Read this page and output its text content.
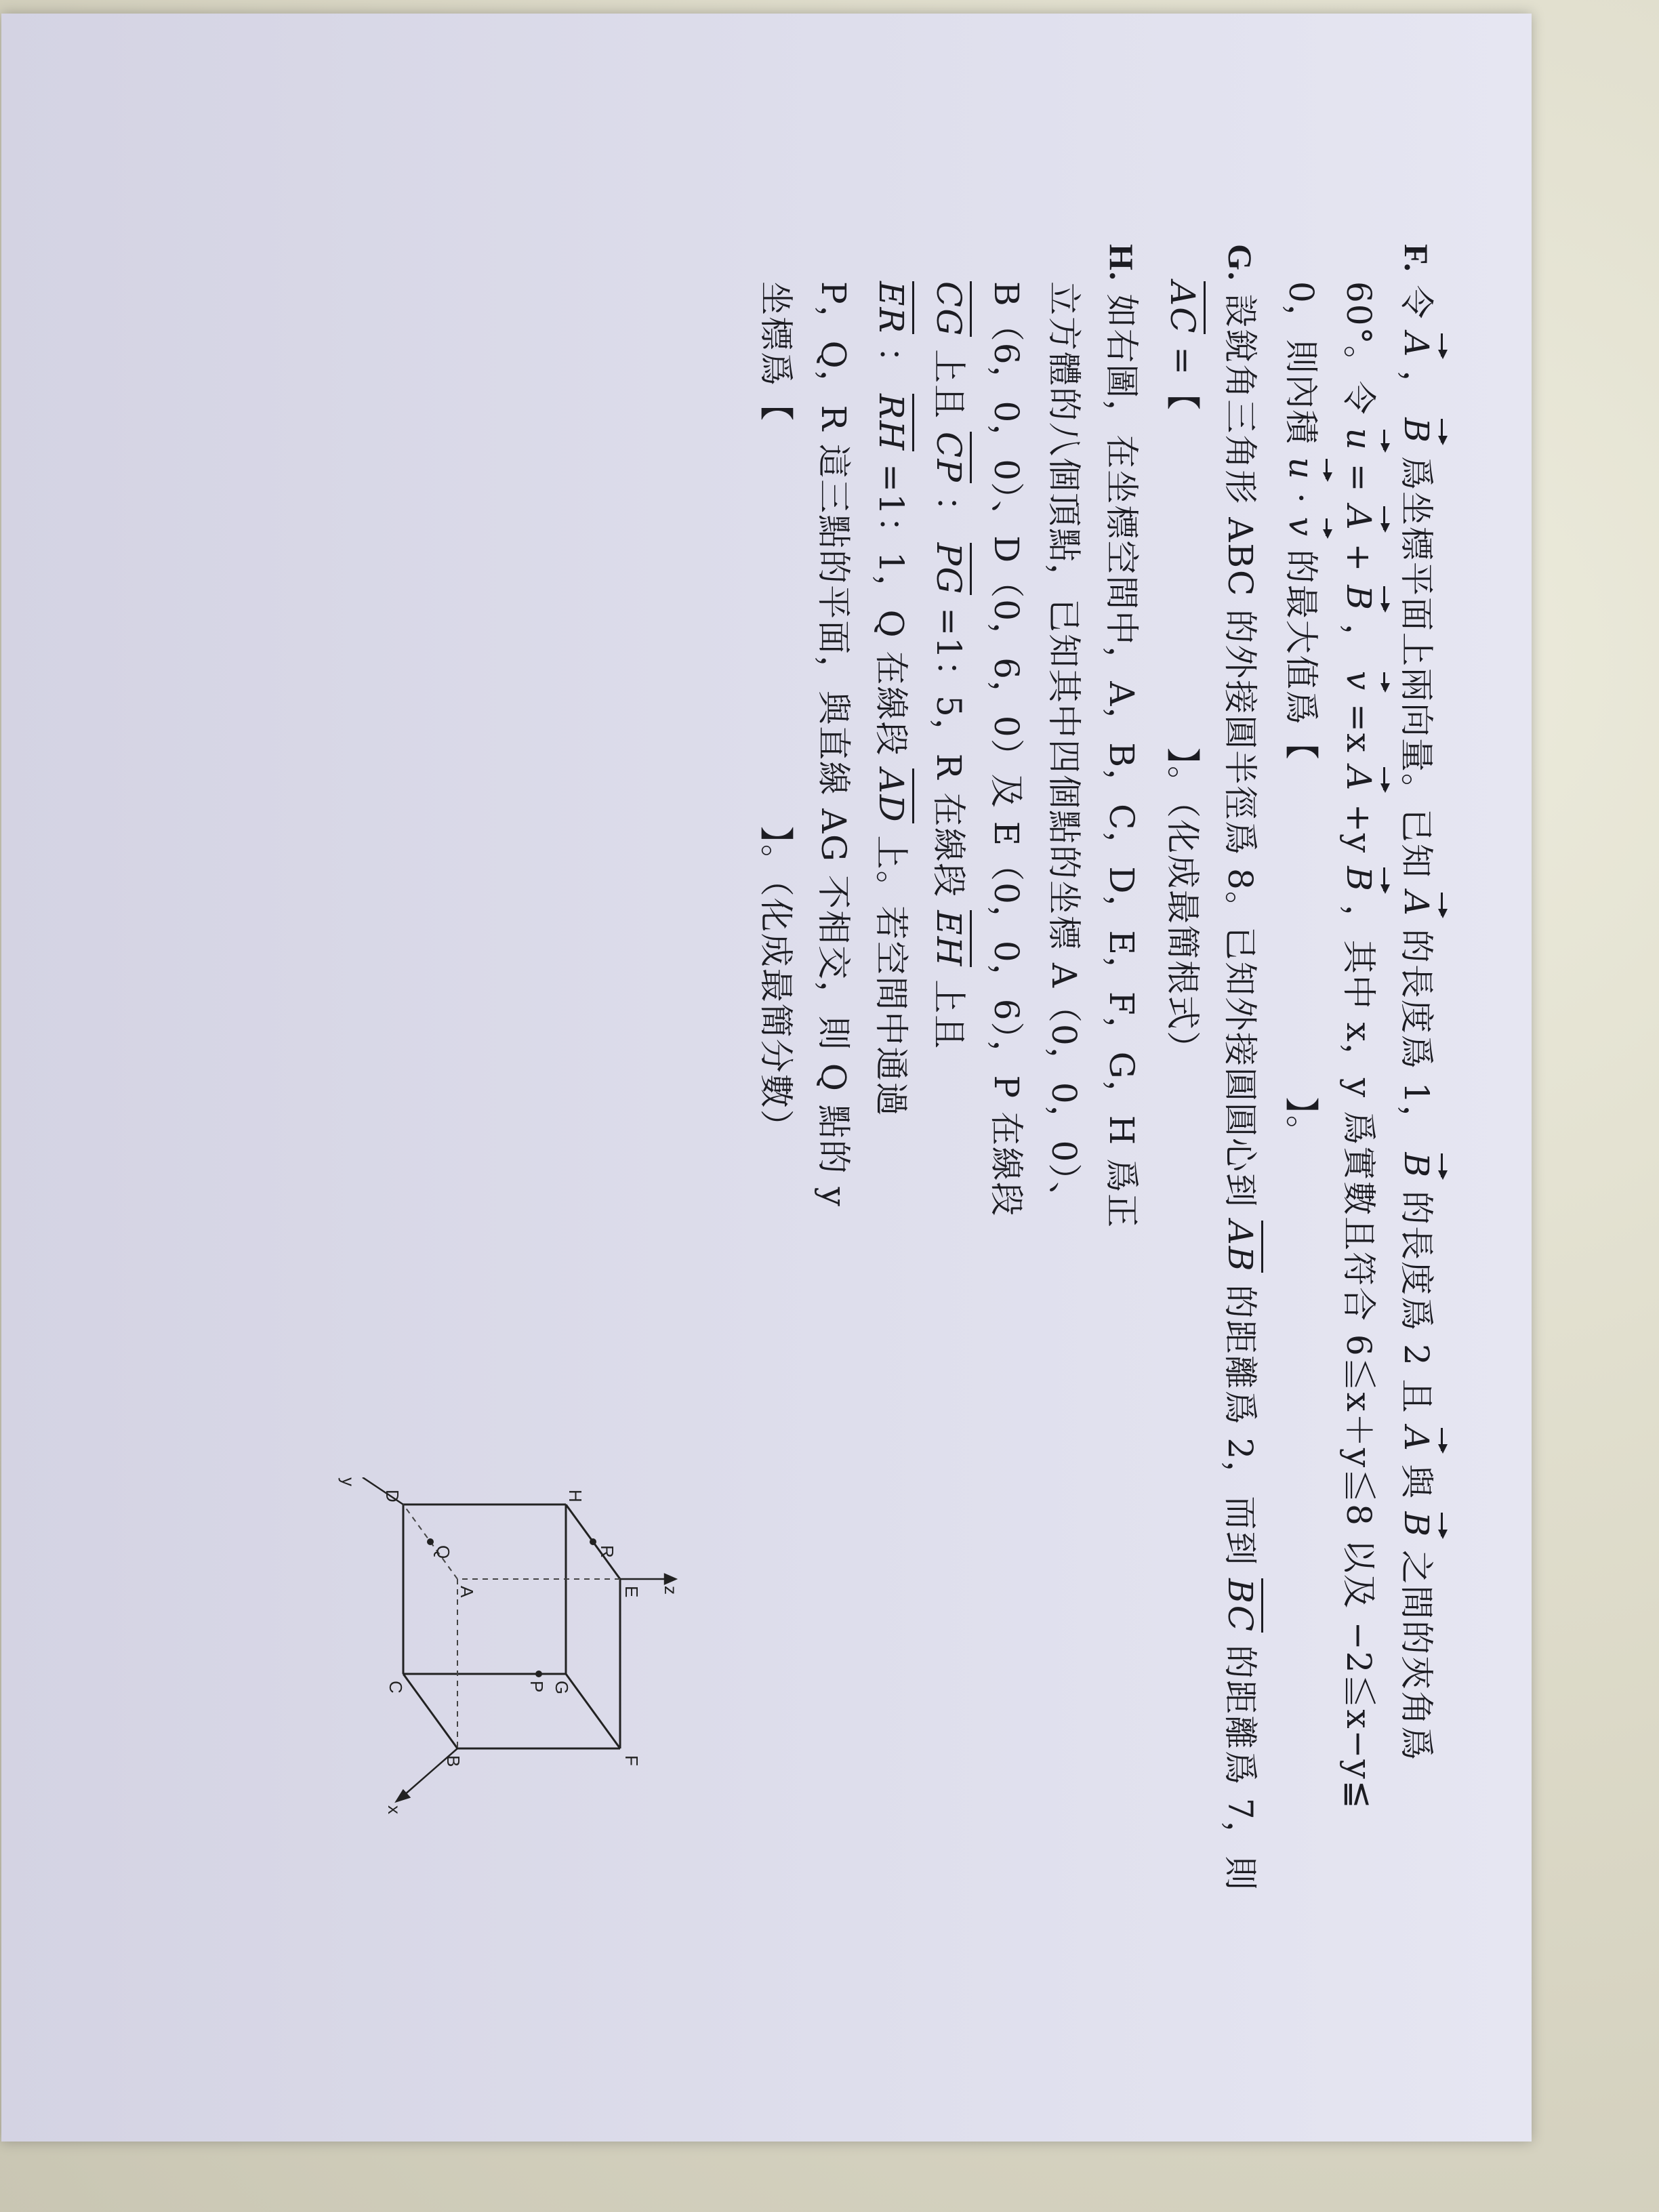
F. 令 A ， B 爲坐標平面上兩向量。已知 A 的長度爲 1， B 的長度爲 2 且 A 與 B 之間的夾角爲
60°。令 u = A + B ， v =x A +y B ，其中 x，y 爲實數且符合 6≦x＋y≦8 以及 −2≦x−y≦
0，則內積 u · v 的最大值爲【  】。
G. 設銳角三角形 ABC 的外接圓半徑爲 8。已知外接圓圓心到 AB 的距離爲 2，而到 BC 的距離爲 7，則
AC =【  】。（化成最簡根式）
H. 如右圖，在坐標空間中，A，B，C，D，E，F，G，H 爲正
立方體的八個頂點，已知其中四個點的坐標 A（0，0，0）、
B（6，0，0）、D（0，6，0）及 E（0，0，6），P 在線段
CG 上且 CP ： PG =1：5，R 在線段 EH 上且
ER ： RH =1：1，Q 在線段 AD 上。若空間中通過
P，Q，R 這三點的平面，與直線 AG 不相交，則 Q 點的 y
坐標爲【  】。（化成最簡分數）
E
F
B
A
H
G
C
D
R
P
Q
z
x
y
